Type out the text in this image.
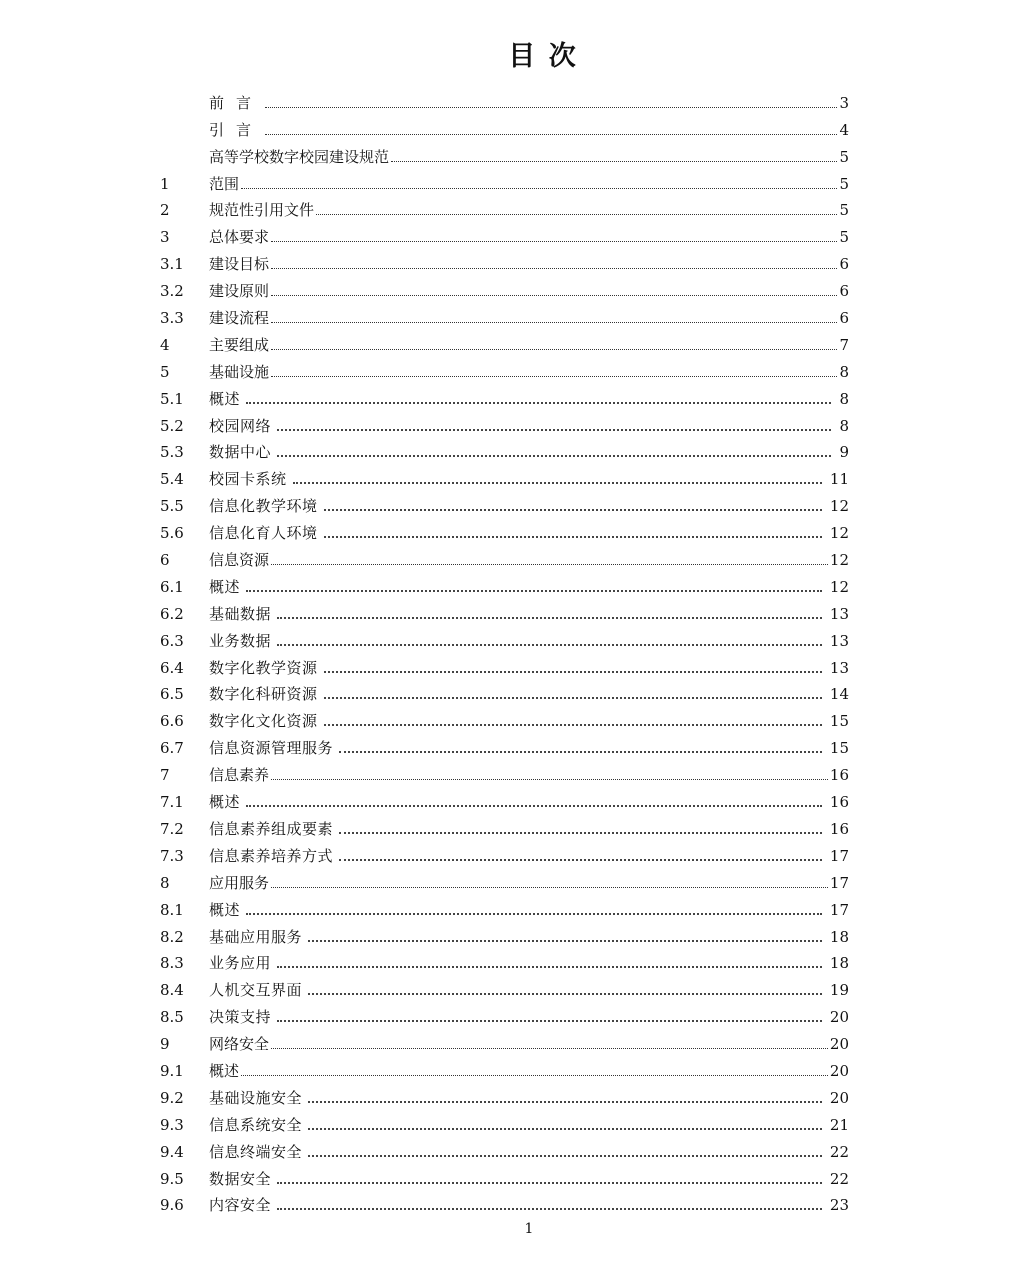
目 次
前言	3
引言	4
高等学校数字校园建设规范	5
1	范围	5
2	规范性引用文件	5
3	总体要求	5
3.1	建设目标	6
3.2	建设原则	6
3.3	建设流程	6
4	主要组成	7
5	基础设施	8
5.1	概述	8
5.2	校园网络	8
5.3	数据中心	9
5.4	校园卡系统	11
5.5	信息化教学环境	12
5.6	信息化育人环境	12
6	信息资源	12
6.1	概述	12
6.2	基础数据	13
6.3	业务数据	13
6.4	数字化教学资源	13
6.5	数字化科研资源	14
6.6	数字化文化资源	15
6.7	信息资源管理服务	15
7	信息素养	16
7.1	概述	16
7.2	信息素养组成要素	16
7.3	信息素养培养方式	17
8	应用服务	17
8.1	概述	17
8.2	基础应用服务	18
8.3	业务应用	18
8.4	人机交互界面	19
8.5	决策支持	20
9	网络安全	20
9.1	概述	20
9.2	基础设施安全	20
9.3	信息系统安全	21
9.4	信息终端安全	22
9.5	数据安全	22
9.6	内容安全	23
1
